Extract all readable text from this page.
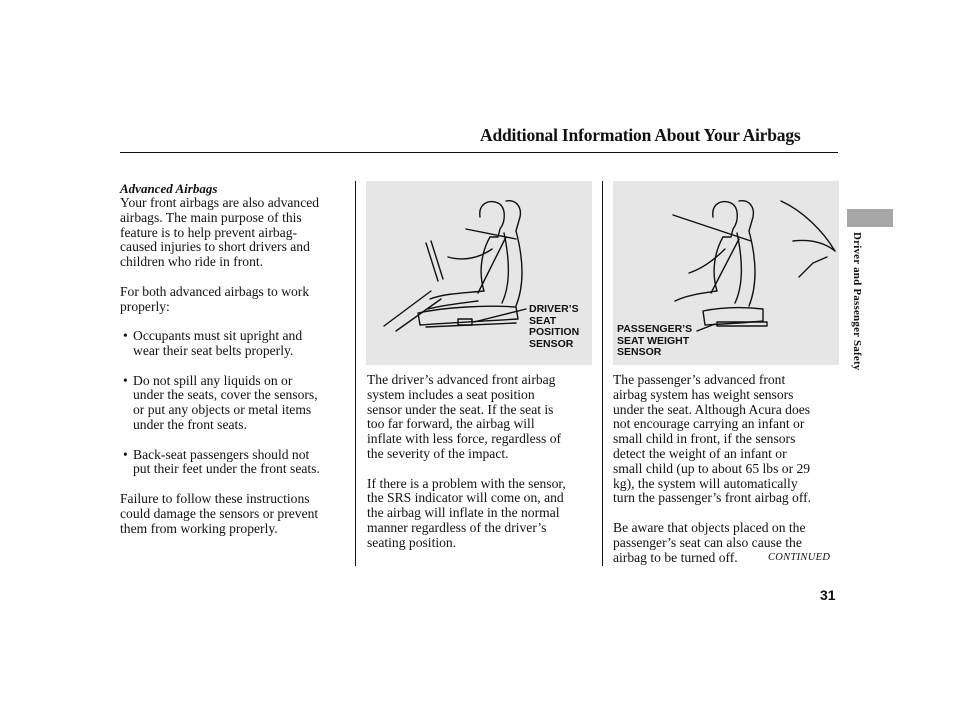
Additional Information About Your Airbags
Driver and Passenger Safety

Advanced Airbags

Your front airbags are also advanced
airbags. The main purpose of this
feature is to help prevent airbag-
caused injuries to short drivers and
children who ride in front.

For both advanced airbags to work
properly:

• Occupants must sit upright and
wear their seat belts properly.

• Do not spill any liquids on or
under the seats, cover the sensors,
or put any objects or metal items
under the front seats.

• Back-seat passengers should not
put their feet under the front seats.

Failure to follow these instructions
could damage the sensors or prevent
them from working properly.

DRIVER’S
SEAT
POSITION
SENSOR
PASSENGER’S
SEAT WEIGHT
SENSOR

The driver’s advanced front airbag
system includes a seat position
sensor under the seat. If the seat is
too far forward, the airbag will
inflate with less force, regardless of
the severity of the impact.

If there is a problem with the sensor,
the SRS indicator will come on, and
the airbag will inflate in the normal
manner regardless of the driver’s
seating position.

The passenger’s advanced front
airbag system has weight sensors
under the seat. Although Acura does
not encourage carrying an infant or
small child in front, if the sensors
detect the weight of an infant or
small child (up to about 65 lbs or 29
kg), the system will automatically
turn the passenger’s front airbag off.

Be aware that objects placed on the
passenger’s seat can also cause the
airbag to be turned off.	CONTINUED
31
